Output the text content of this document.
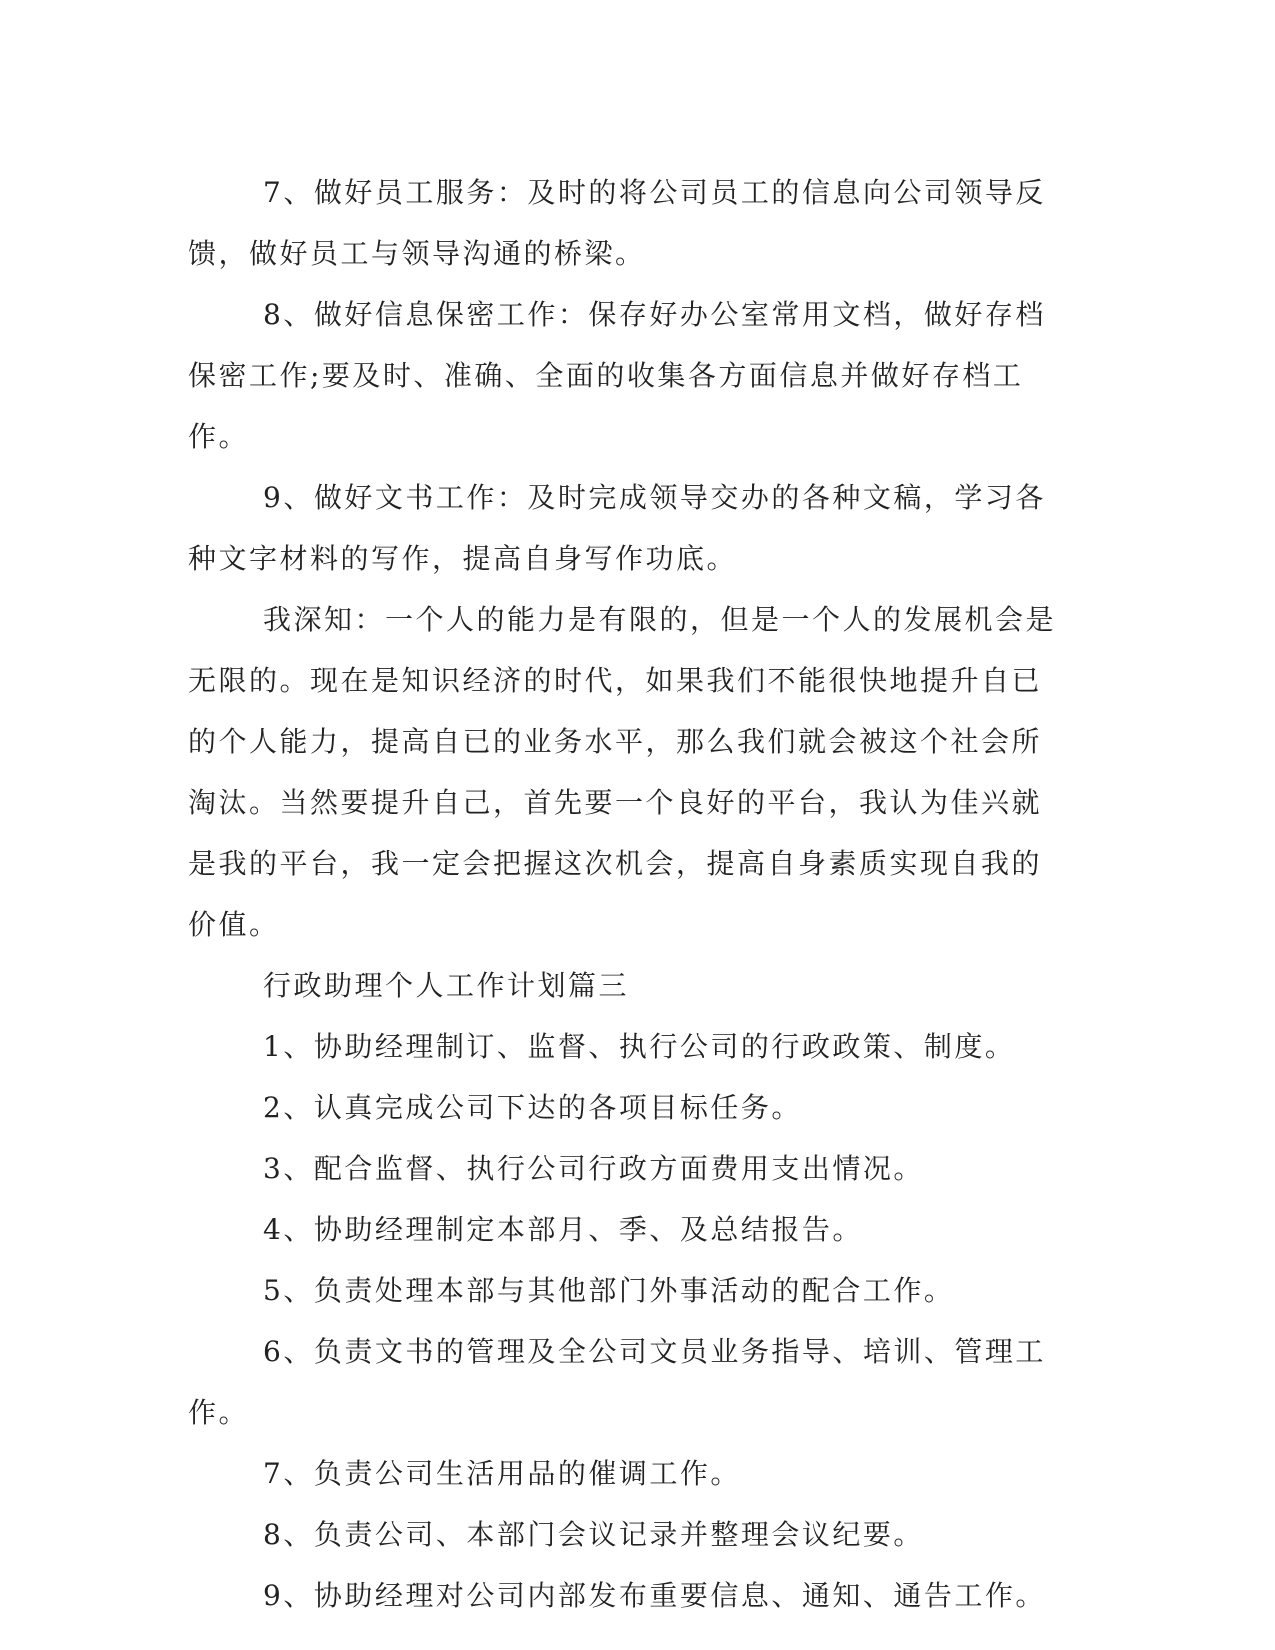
7、做好员工服务：及时的将公司员工的信息向公司领导反馈，做好员工与领导沟通的桥梁。

8、做好信息保密工作：保存好办公室常用文档，做好存档保密工作;要及时、准确、全面的收集各方面信息并做好存档工作。

9、做好文书工作：及时完成领导交办的各种文稿，学习各种文字材料的写作，提高自身写作功底。

我深知：一个人的能力是有限的，但是一个人的发展机会是无限的。现在是知识经济的时代，如果我们不能很快地提升自已的个人能力，提高自已的业务水平，那么我们就会被这个社会所淘汰。当然要提升自己，首先要一个良好的平台，我认为佳兴就是我的平台，我一定会把握这次机会，提高自身素质实现自我的价值。

行政助理个人工作计划篇三

1、协助经理制订、监督、执行公司的行政政策、制度。

2、认真完成公司下达的各项目标任务。

3、配合监督、执行公司行政方面费用支出情况。

4、协助经理制定本部月、季、及总结报告。

5、负责处理本部与其他部门外事活动的配合工作。

6、负责文书的管理及全公司文员业务指导、培训、管理工作。

7、负责公司生活用品的催调工作。

8、负责公司、本部门会议记录并整理会议纪要。

9、协助经理对公司内部发布重要信息、通知、通告工作。
